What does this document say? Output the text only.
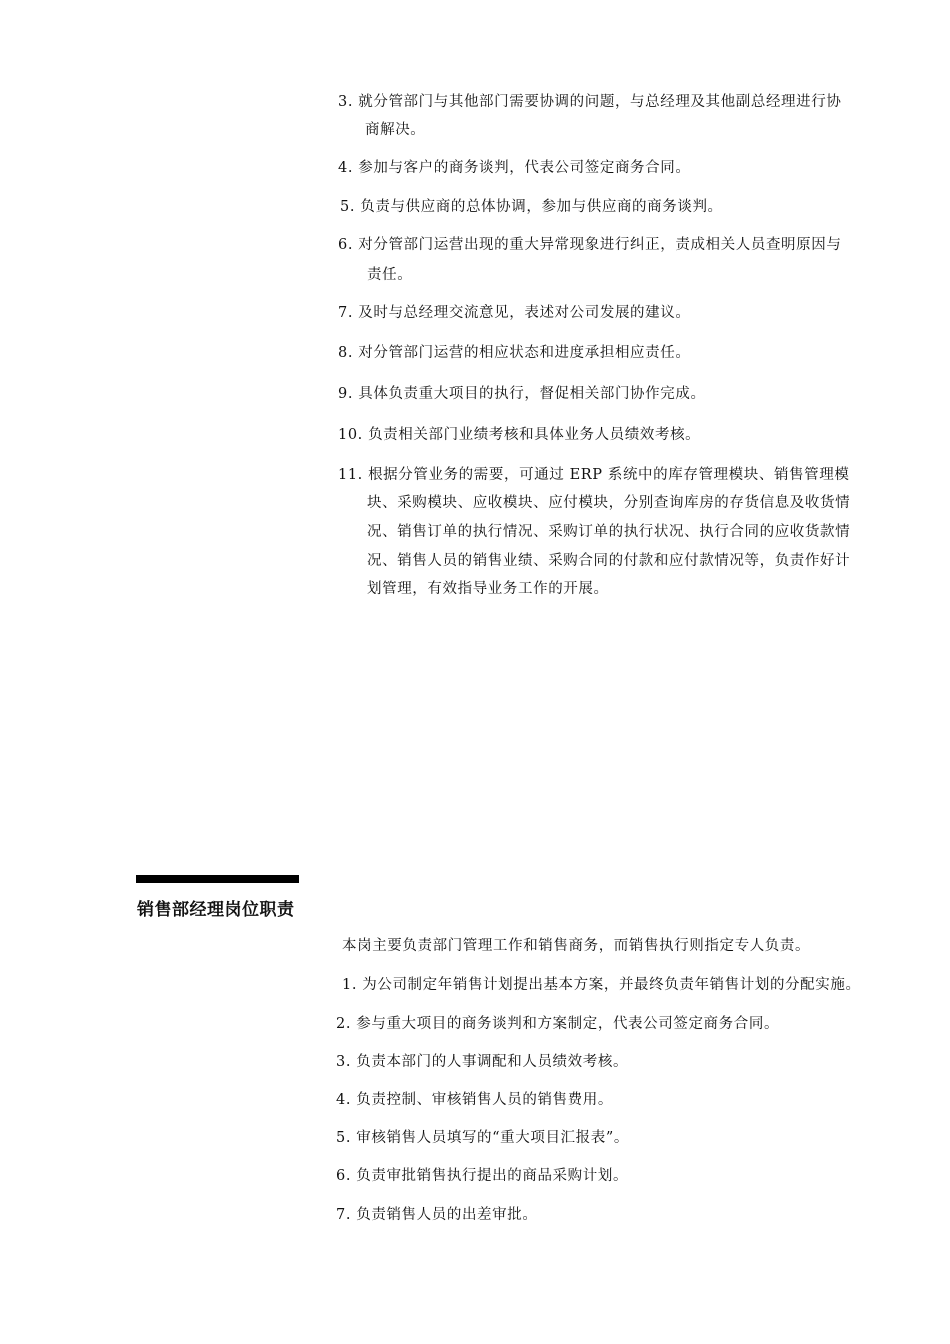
3. 就分管部门与其他部门需要协调的问题，与总经理及其他副总经理进行协
商解决。
4. 参加与客户的商务谈判，代表公司签定商务合同。
5. 负责与供应商的总体协调，参加与供应商的商务谈判。
6. 对分管部门运营出现的重大异常现象进行纠正，责成相关人员查明原因与
责任。
7. 及时与总经理交流意见，表述对公司发展的建议。
8. 对分管部门运营的相应状态和进度承担相应责任。
9. 具体负责重大项目的执行，督促相关部门协作完成。
10. 负责相关部门业绩考核和具体业务人员绩效考核。
11. 根据分管业务的需要，可通过 ERP 系统中的库存管理模块、销售管理模
块、采购模块、应收模块、应付模块，分别查询库房的存货信息及收货情
况、销售订单的执行情况、采购订单的执行状况、执行合同的应收货款情
况、销售人员的销售业绩、采购合同的付款和应付款情况等，负责作好计
划管理，有效指导业务工作的开展。
销售部经理岗位职责
本岗主要负责部门管理工作和销售商务，而销售执行则指定专人负责。
1. 为公司制定年销售计划提出基本方案，并最终负责年销售计划的分配实施。
2. 参与重大项目的商务谈判和方案制定，代表公司签定商务合同。
3. 负责本部门的人事调配和人员绩效考核。
4. 负责控制、审核销售人员的销售费用。
5. 审核销售人员填写的“重大项目汇报表”。
6. 负责审批销售执行提出的商品采购计划。
7. 负责销售人员的出差审批。
